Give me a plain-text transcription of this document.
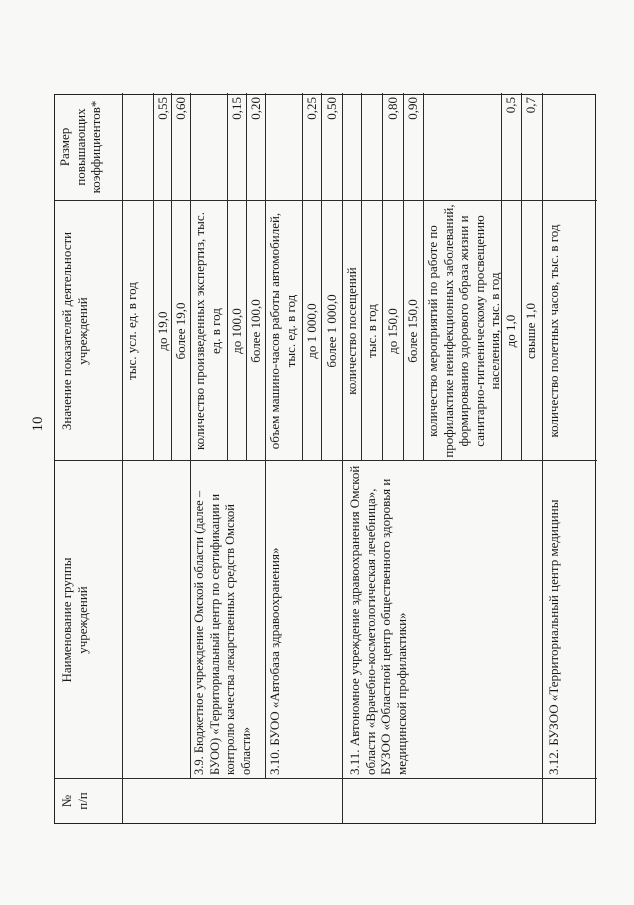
10
№
п/п
Наименование группы
учреждений
Значение показателей деятельности
учреждений
Размер
повышающих
коэффициентов*
тыс. усл. ед. в год до 19,0
0,55
более 19,0
0,60
3.9. Бюджетное учреждение Омской области (далее – БУОО) «Территориальный центр по сертификации и контролю качества лекарственных средств Омской области»
количество произведенных экспертиз, тыс. ед. в год до 100,0
0,15
более 100,0
0,20
3.10. БУОО «Автобаза здравоохранения»
объем машино-часов работы автомобилей, тыс. ед. в год до 1 000,0
0,25
более 1 000,0
0,50
3.11. Автономное учреждение здравоохранения Омской области «Врачебно-косметологическая лечебница», БУЗОО «Областной центр общественного здоровья и медицинской профилактики»
количество посещений тыс. в год до 150,0
0,80
более 150,0
0,90
количество мероприятий по работе по профилактике неинфекционных заболеваний, формированию здорового образа жизни и санитарно-гигиеническому просвещению населения, тыс. в год до 1,0
0,5
свыше 1,0
0,7
3.12. БУЗОО «Территориальный центр медицины
количество полетных часов, тыс. в год
